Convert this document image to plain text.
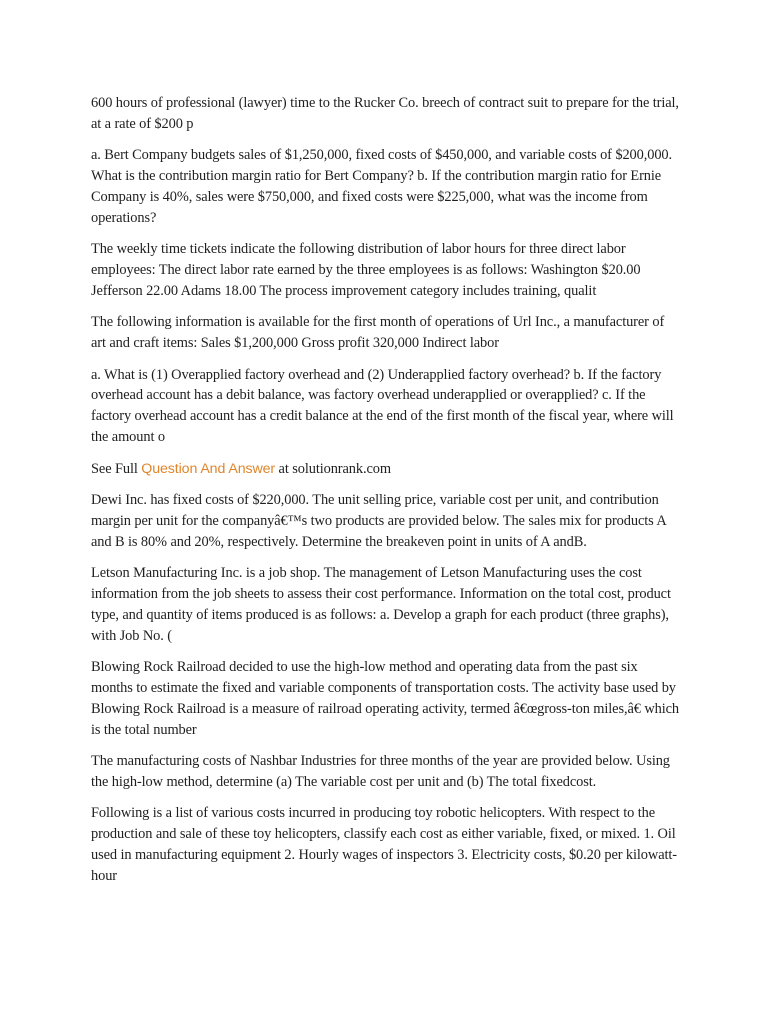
600 hours of professional (lawyer) time to the Rucker Co. breech of contract suit to prepare for the trial, at a rate of $200 p

a. Bert Company budgets sales of $1,250,000, fixed costs of $450,000, and variable costs of $200,000. What is the contribution margin ratio for Bert Company? b. If the contribution margin ratio for Ernie Company is 40%, sales were $750,000, and fixed costs were $225,000, what was the income from operations?

The weekly time tickets indicate the following distribution of labor hours for three direct labor employees: The direct labor rate earned by the three employees is as follows: Washington $20.00 Jefferson 22.00 Adams 18.00 The process improvement category includes training, qualit

The following information is available for the first month of operations of Url Inc., a manufacturer of art and craft items: Sales $1,200,000 Gross profit 320,000 Indirect labor

a. What is (1) Overapplied factory overhead and (2) Underapplied factory overhead? b. If the factory overhead account has a debit balance, was factory overhead underapplied or overapplied? c. If the factory overhead account has a credit balance at the end of the first month of the fiscal year, where will the amount o

See Full Question And Answer at solutionrank.com

Dewi Inc. has fixed costs of $220,000. The unit selling price, variable cost per unit, and contribution margin per unit for the companyâ€™s two products are provided below. The sales mix for products A and B is 80% and 20%, respectively. Determine the breakeven point in units of A andB.

Letson Manufacturing Inc. is a job shop. The management of Letson Manufacturing uses the cost information from the job sheets to assess their cost performance. Information on the total cost, product type, and quantity of items produced is as follows: a. Develop a graph for each product (three graphs), with Job No. (

Blowing Rock Railroad decided to use the high-low method and operating data from the past six months to estimate the fixed and variable components of transportation costs. The activity base used by Blowing Rock Railroad is a measure of railroad operating activity, termed â€œgross-ton miles,â€ which is the total number

The manufacturing costs of Nashbar Industries for three months of the year are provided below. Using the high-low method, determine (a) The variable cost per unit and (b) The total fixedcost.

Following is a list of various costs incurred in producing toy robotic helicopters. With respect to the production and sale of these toy helicopters, classify each cost as either variable, fixed, or mixed. 1. Oil used in manufacturing equipment 2. Hourly wages of inspectors 3. Electricity costs, $0.20 per kilowatt-hour
